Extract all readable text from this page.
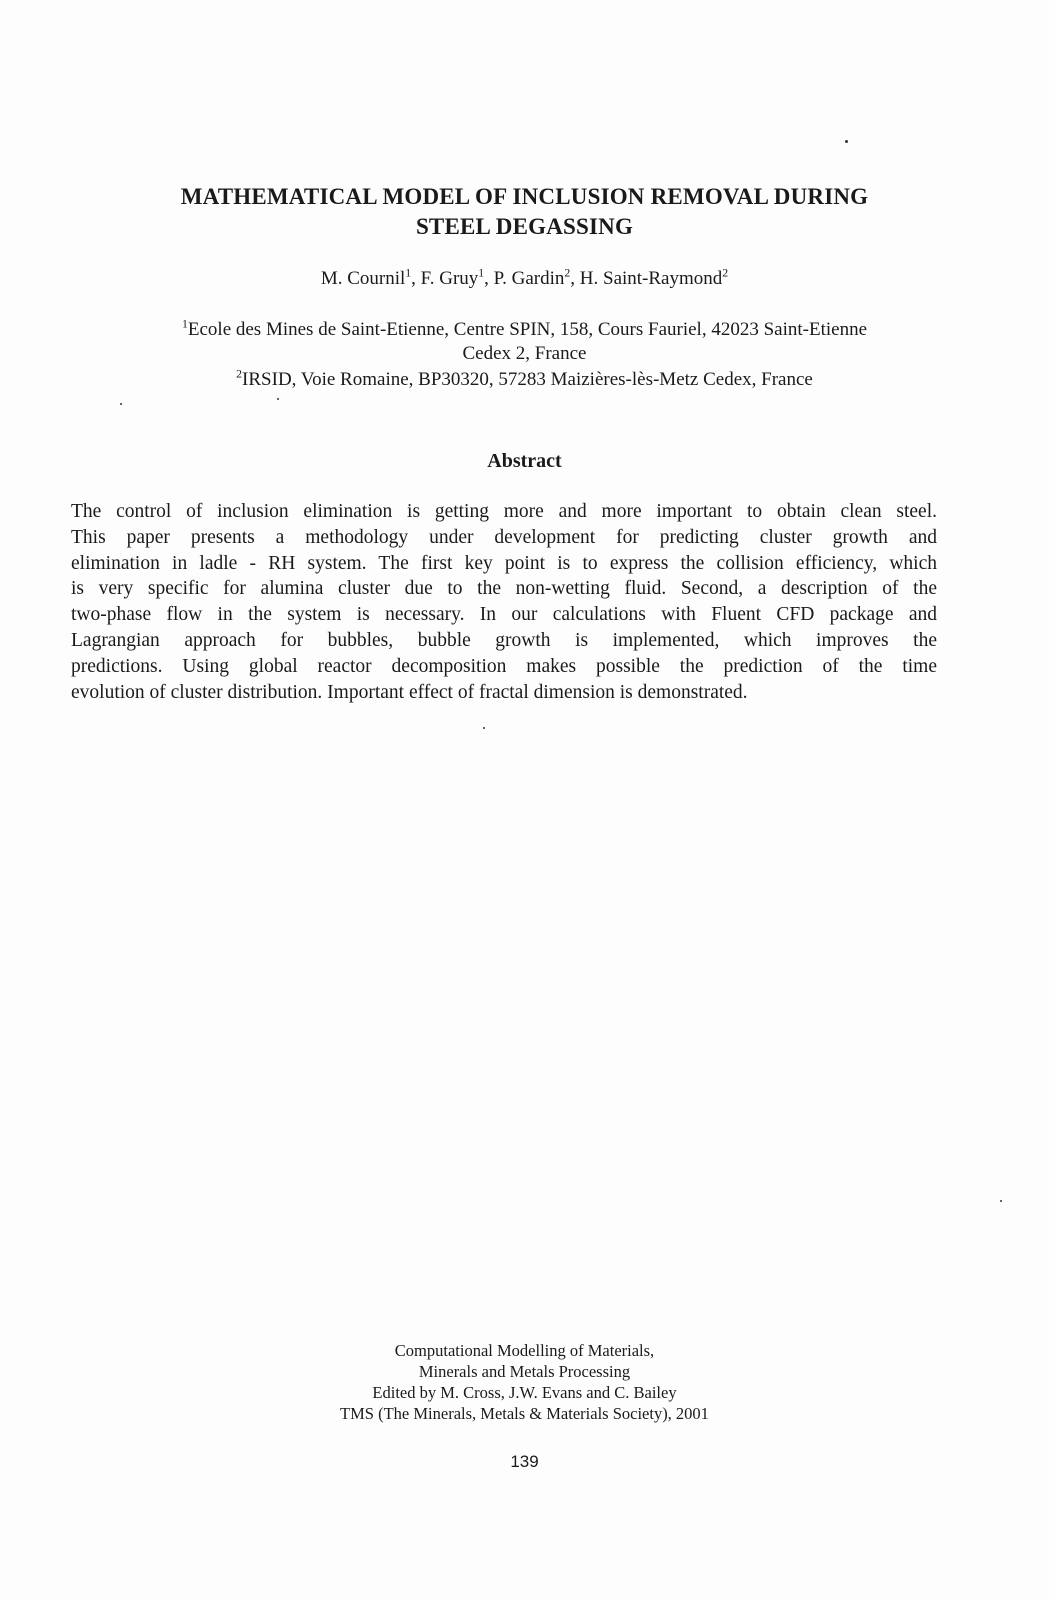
MATHEMATICAL MODEL OF INCLUSION REMOVAL DURING
STEEL DEGASSING
M. Cournil$^1$, F. Gruy$^1$, P. Gardin$^2$, H. Saint-Raymond$^2$
$^1$Ecole des Mines de Saint-Etienne, Centre SPIN, 158, Cours Fauriel, 42023 Saint-Etienne
Cedex 2, France
$^2$IRSID, Voie Romaine, BP30320, 57283 Maizières-lès-Metz Cedex, France
Abstract
The control of inclusion elimination is getting more and more important to obtain clean steel.
This paper presents a methodology under development for predicting cluster growth and
elimination in ladle - RH system. The first key point is to express the collision efficiency, which
is very specific for alumina cluster due to the non-wetting fluid. Second, a description of the
two-phase flow in the system is necessary. In our calculations with Fluent CFD package and
Lagrangian approach for bubbles, bubble growth is implemented, which improves the
predictions. Using global reactor decomposition makes possible the prediction of the time
evolution of cluster distribution. Important effect of fractal dimension is demonstrated.
Computational Modelling of Materials,
Minerals and Metals Processing
Edited by M. Cross, J.W. Evans and C. Bailey
TMS (The Minerals, Metals & Materials Society), 2001
139
